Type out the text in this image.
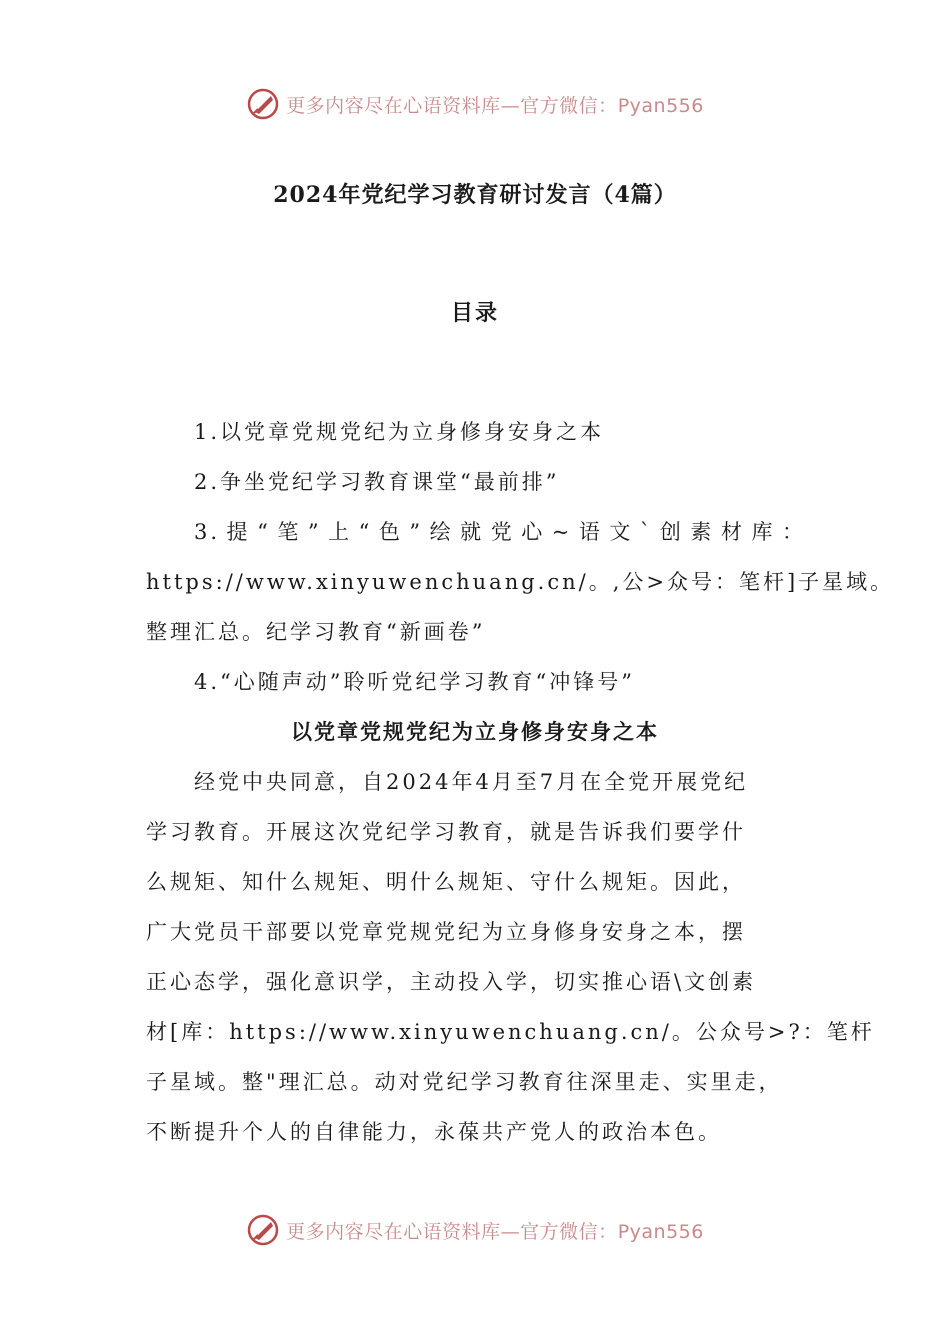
更多内容尽在心语资料库—官方微信：Pyan556
2024年党纪学习教育研讨发言（4篇）
目录
1.以党章党规党纪为立身修身安身之本
2.争坐党纪学习教育课堂“最前排”
3.提“笔”上“色”绘就党心~语文`创素材库：
https://www.xinyuwenchuang.cn/。,公>众号：笔杆]子星域。
整理汇总。纪学习教育“新画卷”
4.“心随声动”聆听党纪学习教育“冲锋号”
以党章党规党纪为立身修身安身之本
经党中央同意，自2024年4月至7月在全党开展党纪
学习教育。开展这次党纪学习教育，就是告诉我们要学什
么规矩、知什么规矩、明什么规矩、守什么规矩。因此，
广大党员干部要以党章党规党纪为立身修身安身之本，摆
正心态学，强化意识学，主动投入学，切实推心语\文创素
材[库：https://www.xinyuwenchuang.cn/。公众号>?：笔杆
子星域。整"理汇总。动对党纪学习教育往深里走、实里走，
不断提升个人的自律能力，永葆共产党人的政治本色。
更多内容尽在心语资料库—官方微信：Pyan556
